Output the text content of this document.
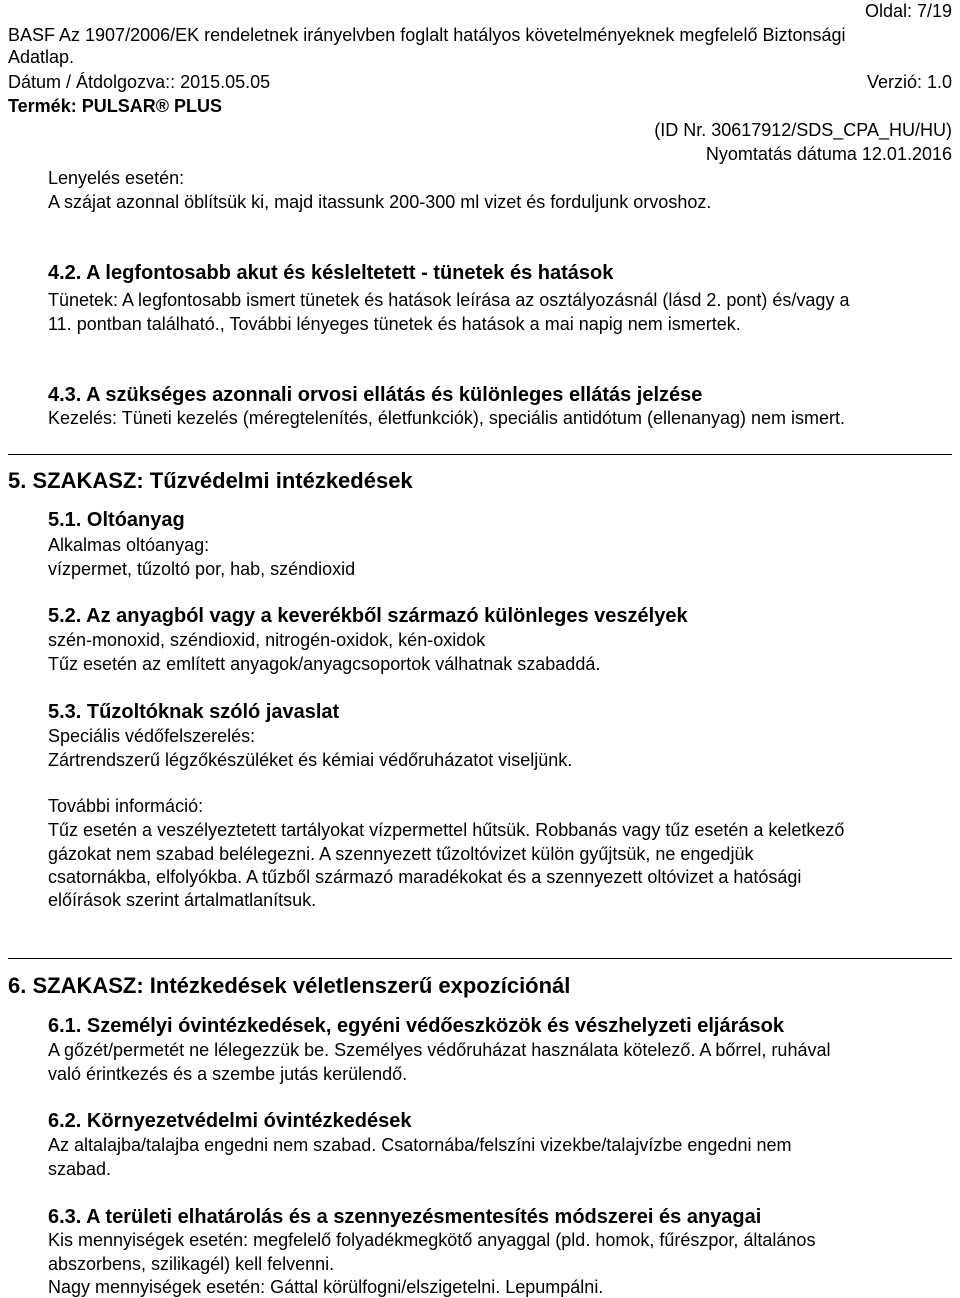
Oldal: 7/19
BASF Az 1907/2006/EK rendeletnek irányelvben foglalt hatályos követelményeknek megfelelő Biztonsági
Adatlap.
Dátum / Átdolgozva:: 2015.05.05	Verzió: 1.0
Termék: PULSAR® PLUS
(ID Nr. 30617912/SDS_CPA_HU/HU)
Nyomtatás dátuma 12.01.2016
Lenyelés esetén:
A szájat azonnal öblítsük ki, majd itassunk 200-300 ml vizet és forduljunk orvoshoz.
4.2. A legfontosabb akut és késleltetett - tünetek és hatások
Tünetek: A legfontosabb ismert tünetek és hatások leírása az osztályozásnál (lásd 2. pont) és/vagy a
11. pontban található., További lényeges tünetek és hatások a mai napig nem ismertek.
4.3. A szükséges azonnali orvosi ellátás és különleges ellátás jelzése
Kezelés: Tüneti kezelés (méregtelenítés, életfunkciók), speciális antidótum (ellenanyag) nem ismert.
5. SZAKASZ: Tűzvédelmi intézkedések
5.1. Oltóanyag
Alkalmas oltóanyag:
vízpermet, tűzoltó por, hab, széndioxid
5.2. Az anyagból vagy a keverékből származó különleges veszélyek
szén-monoxid, széndioxid, nitrogén-oxidok, kén-oxidok
Tűz esetén az említett anyagok/anyagcsoportok válhatnak szabaddá.
5.3. Tűzoltóknak szóló javaslat
Speciális védőfelszerelés:
Zártrendszerű légzőkészüléket és kémiai védőruházatot viseljünk.
További információ:
Tűz esetén a veszélyeztetett tartályokat vízpermettel hűtsük. Robbanás vagy tűz esetén a keletkező
gázokat nem szabad belélegezni. A szennyezett tűzoltóvizet külön gyűjtsük, ne engedjük
csatornákba, elfolyókba. A tűzből származó maradékokat és a szennyezett oltóvizet a hatósági
előírások szerint ártalmatlanítsuk.
6. SZAKASZ: Intézkedések véletlenszerű expozíciónál
6.1. Személyi óvintézkedések, egyéni védőeszközök és vészhelyzeti eljárások
A gőzét/permetét ne lélegezzük be. Személyes védőruházat használata kötelező. A bőrrel, ruhával
való érintkezés és a szembe jutás kerülendő.
6.2. Környezetvédelmi óvintézkedések
Az altalajba/talajba engedni nem szabad. Csatornába/felszíni vizekbe/talajvízbe engedni nem
szabad.
6.3. A területi elhatárolás és a szennyezésmentesítés módszerei és anyagai
Kis mennyiségek esetén: megfelelő folyadékmegkötő anyaggal (pld. homok, fűrészpor, általános
abszorbens, szilikagél) kell felvenni.
Nagy mennyiségek esetén: Gáttal körülfogni/elszigetelni. Lepumpálni.
